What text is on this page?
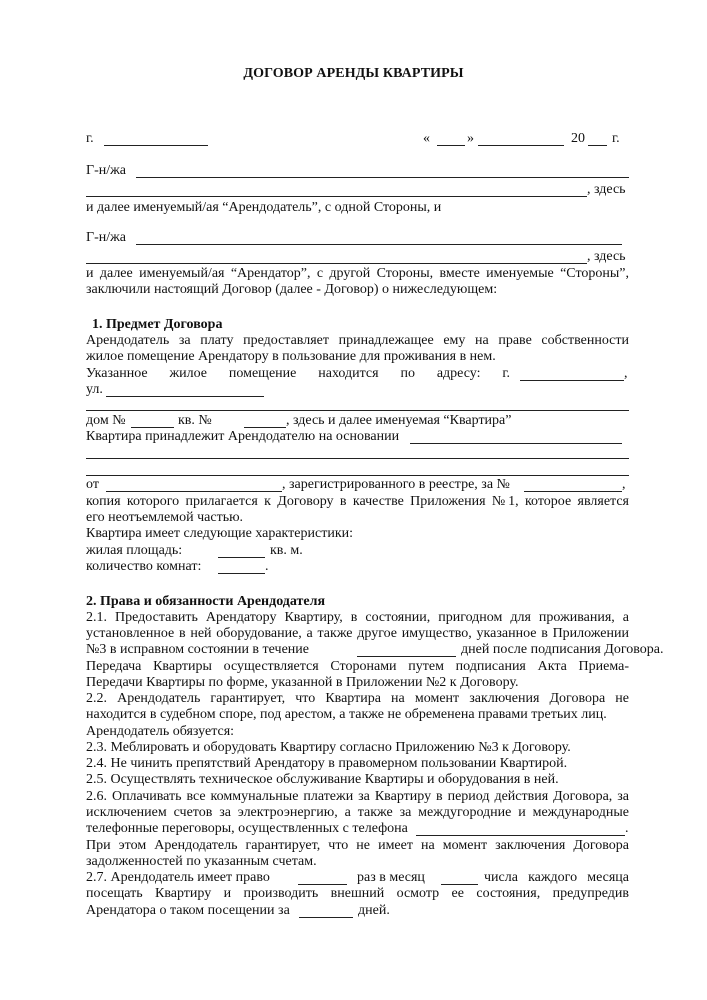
ДОГОВОР АРЕНДЫ КВАРТИРЫ
г.	«	»	20 г.
Г-н/жа
, здесь
и далее именуемый/ая “Арендодатель”, с одной Стороны, и
Г-н/жа
, здесь
и далее именуемый/ая “Арендатор”, с другой Стороны, вместе именуемые “Стороны”,
заключили настоящий Договор (далее - Договор) о нижеследующем:
1. Предмет Договора
Арендодатель за плату предоставляет принадлежащее ему на праве собственности
жилое помещение Арендатору в пользование для проживания в нем.
Указанное жилое помещение находится по адресу: г.	,
ул.
дом №	кв. №	, здесь и далее именуемая “Квартира”
Квартира принадлежит Арендодателю на основании
от	, зарегистрированного в реестре, за №	,
копия которого прилагается к Договору в качестве Приложения №1, которое является
его неотъемлемой частью.
Квартира имеет следующие характеристики:
жилая площадь:	кв. м.
количество комнат:	.
2. Права и обязанности Арендодателя
2.1. Предоставить Арендатору Квартиру, в состоянии, пригодном для проживания, а
установленное в ней оборудование, а также другое имущество, указанное в Приложении
№3 в исправном состоянии в течение	дней после подписания Договора.
Передача Квартиры осуществляется Сторонами путем подписания Акта Приема-
Передачи Квартиры по форме, указанной в Приложении №2 к Договору.
2.2. Арендодатель гарантирует, что Квартира на момент заключения Договора не
находится в судебном споре, под арестом, а также не обременена правами третьих лиц.
Арендодатель обязуется:
2.3. Меблировать и оборудовать Квартиру согласно Приложению №3 к Договору.
2.4. Не чинить препятствий Арендатору в правомерном пользовании Квартирой.
2.5. Осуществлять техническое обслуживание Квартиры и оборудования в ней.
2.6. Оплачивать все коммунальные платежи за Квартиру в период действия Договора, за
исключением счетов за электроэнергию, а также за междугородние и международные
телефонные переговоры, осуществленных с телефона	.
При этом Арендодатель гарантирует, что не имеет на момент заключения Договора
задолженностей по указанным счетам.
2.7. Арендодатель имеет право	раз в месяц	числа каждого месяца
посещать Квартиру и производить внешний осмотр ее состояния, предупредив
Арендатора о таком посещении за	дней.
